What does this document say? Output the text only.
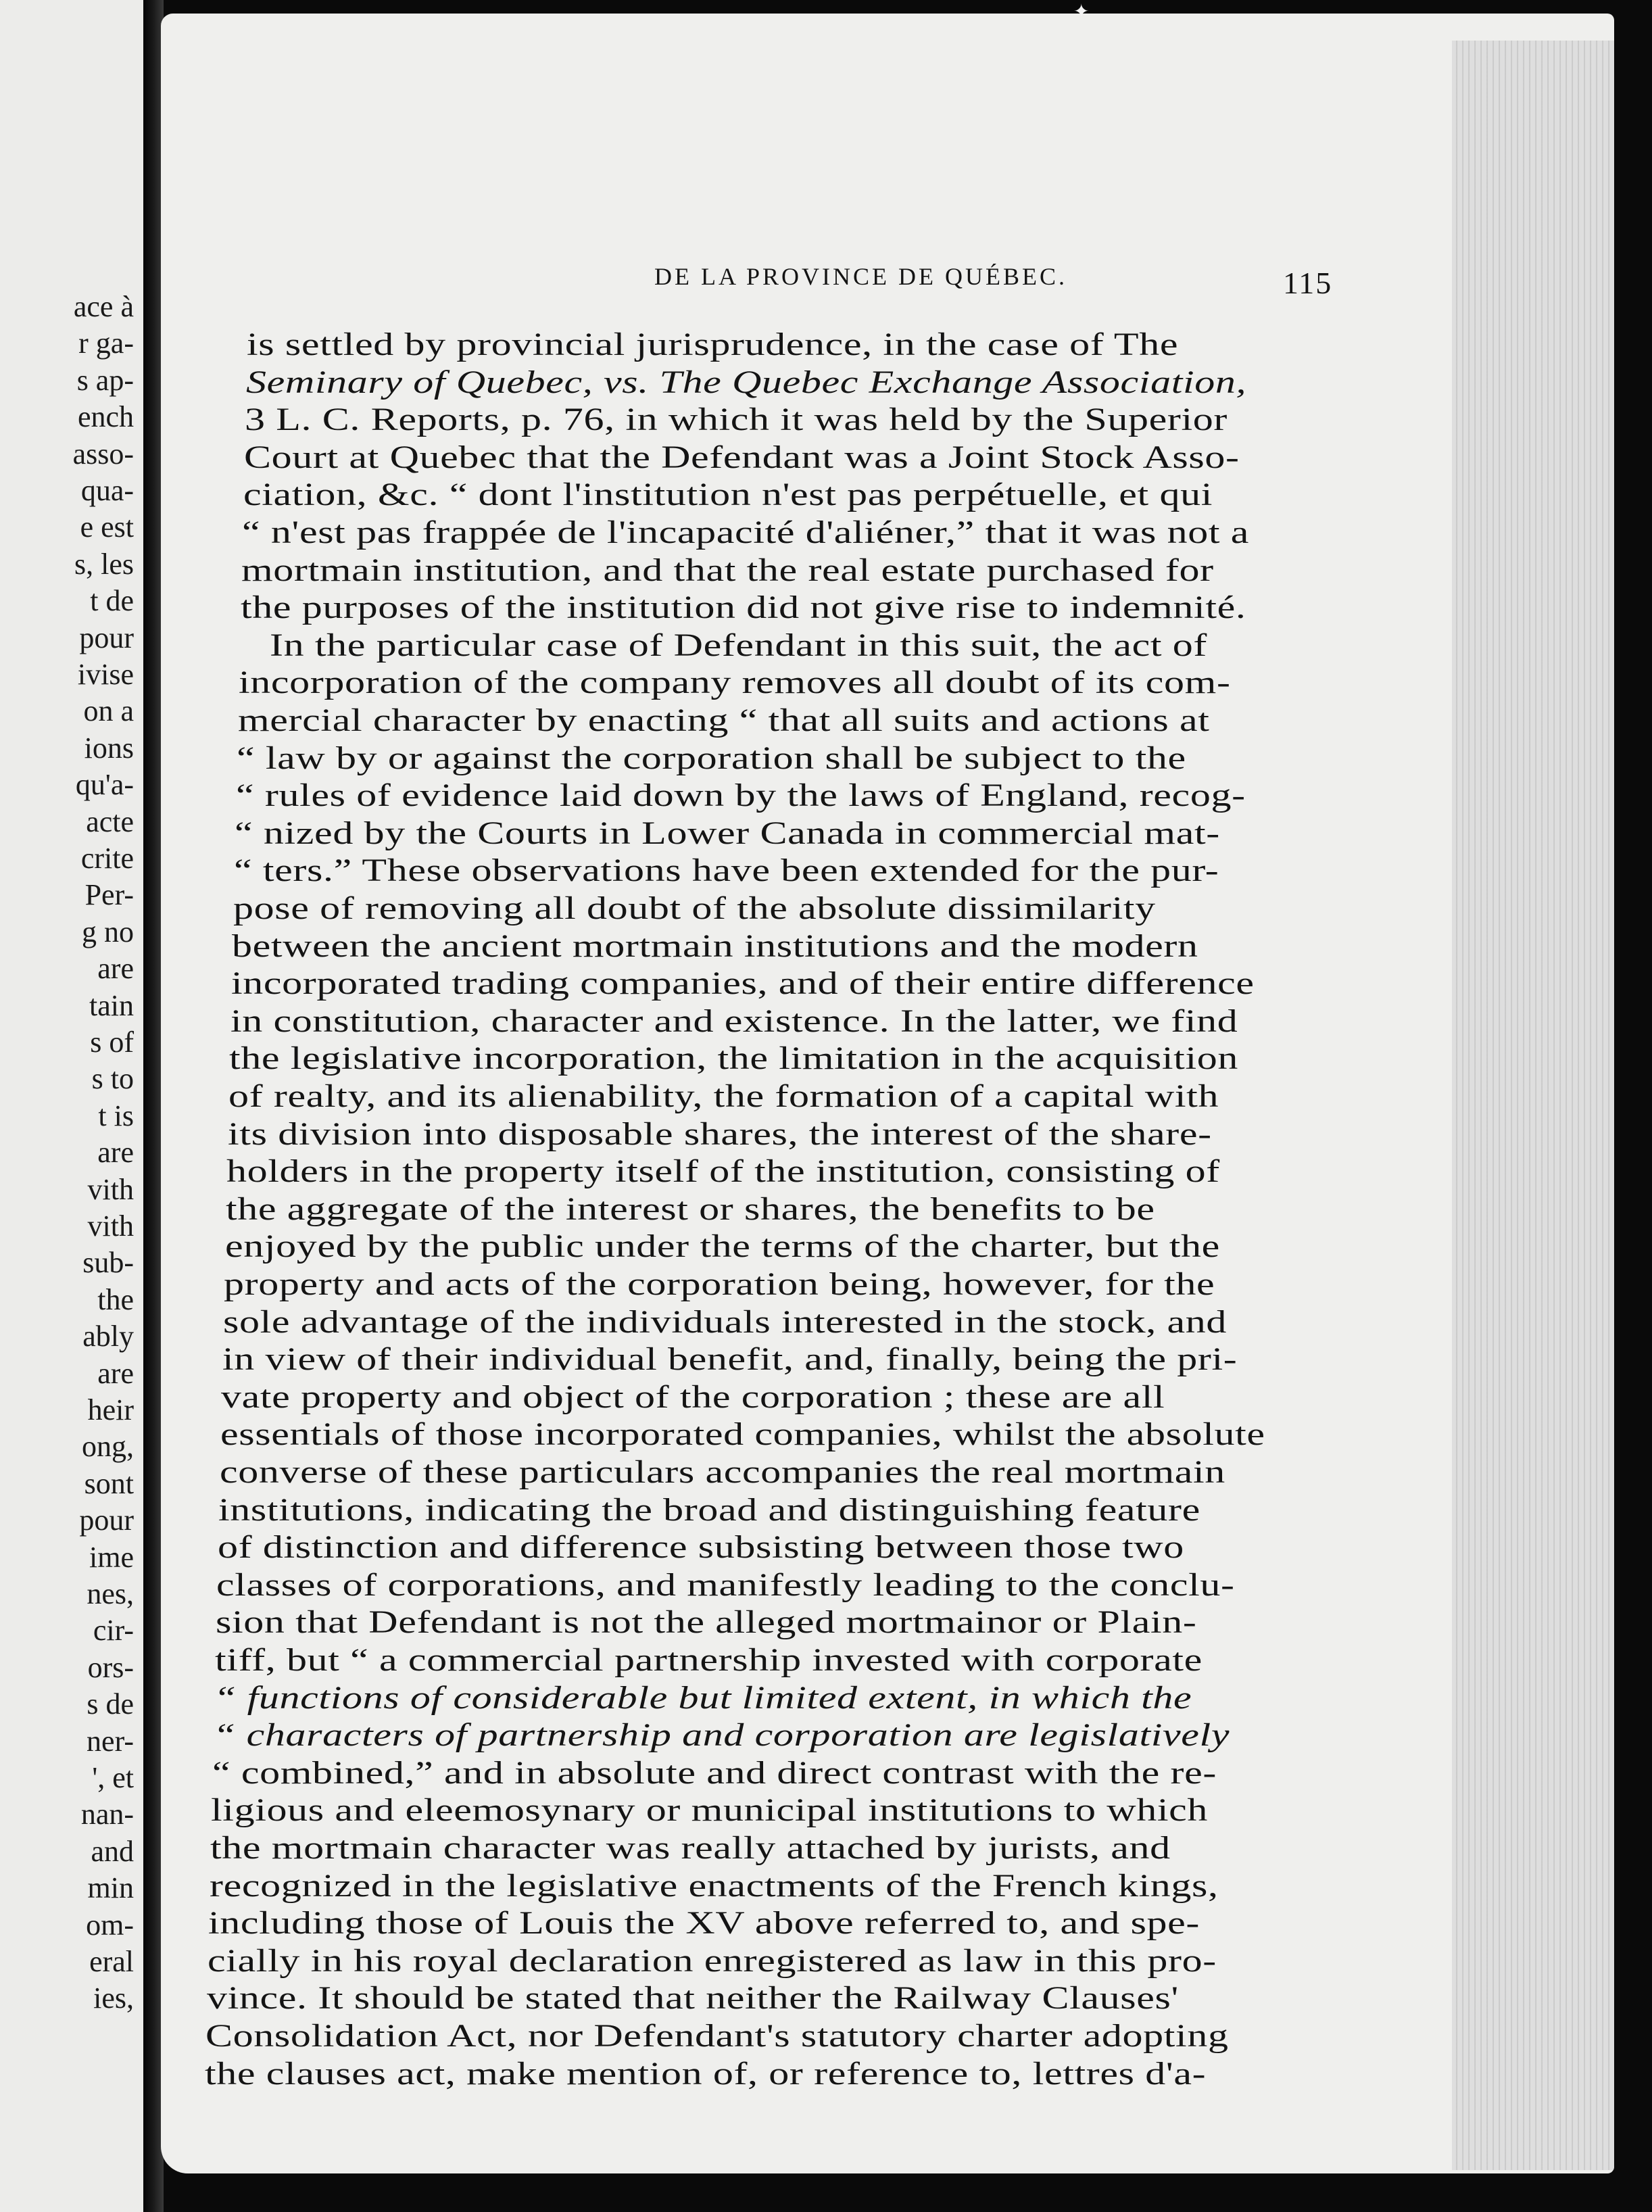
ace à
r ga-
s ap-
ench
asso-
qua-
e est
s, les
t de
pour
ivise
on a
ions
qu'a-
acte
crite
Per-
g no
are
tain
s of
s to
t is
are
vith
vith
sub-
the
ably
are
heir
ong,
sont
pour
ime
nes,
cir-
ors-
s de
ner-
', et
nan-
and
min
om-
eral
ies,
DE LA PROVINCE DE QUÉBEC.	115
is settled by provincial jurisprudence, in the case of The
Seminary of Quebec, vs. The Quebec Exchange Association,
3 L. C. Reports, p. 76, in which it was held by the Superior
Court at Quebec that the Defendant was a Joint Stock Asso-
ciation, &c. “ dont l'institution n'est pas perpétuelle, et qui
“ n'est pas frappée de l'incapacité d'aliéner,” that it was not a
mortmain institution, and that the real estate purchased for
the purposes of the institution did not give rise to indemnité.
In the particular case of Defendant in this suit, the act of
incorporation of the company removes all doubt of its com-
mercial character by enacting “ that all suits and actions at
“ law by or against the corporation shall be subject to the
“ rules of evidence laid down by the laws of England, recog-
“ nized by the Courts in Lower Canada in commercial mat-
“ ters.” These observations have been extended for the pur-
pose of removing all doubt of the absolute dissimilarity
between the ancient mortmain institutions and the modern
incorporated trading companies, and of their entire difference
in constitution, character and existence. In the latter, we find
the legislative incorporation, the limitation in the acquisition
of realty, and its alienability, the formation of a capital with
its division into disposable shares, the interest of the share-
holders in the property itself of the institution, consisting of
the aggregate of the interest or shares, the benefits to be
enjoyed by the public under the terms of the charter, but the
property and acts of the corporation being, however, for the
sole advantage of the individuals interested in the stock, and
in view of their individual benefit, and, finally, being the pri-
vate property and object of the corporation ; these are all
essentials of those incorporated companies, whilst the absolute
converse of these particulars accompanies the real mortmain
institutions, indicating the broad and distinguishing feature
of distinction and difference subsisting between those two
classes of corporations, and manifestly leading to the conclu-
sion that Defendant is not the alleged mortmainor or Plain-
tiff, but “ a commercial partnership invested with corporate
“ functions of considerable but limited extent, in which the
“ characters of partnership and corporation are legislatively
“ combined,” and in absolute and direct contrast with the re-
ligious and eleemosynary or municipal institutions to which
the mortmain character was really attached by jurists, and
recognized in the legislative enactments of the French kings,
including those of Louis the XV above referred to, and spe-
cially in his royal declaration enregistered as law in this pro-
vince. It should be stated that neither the Railway Clauses'
Consolidation Act, nor Defendant's statutory charter adopting
the clauses act, make mention of, or reference to, lettres d'a-
✦
